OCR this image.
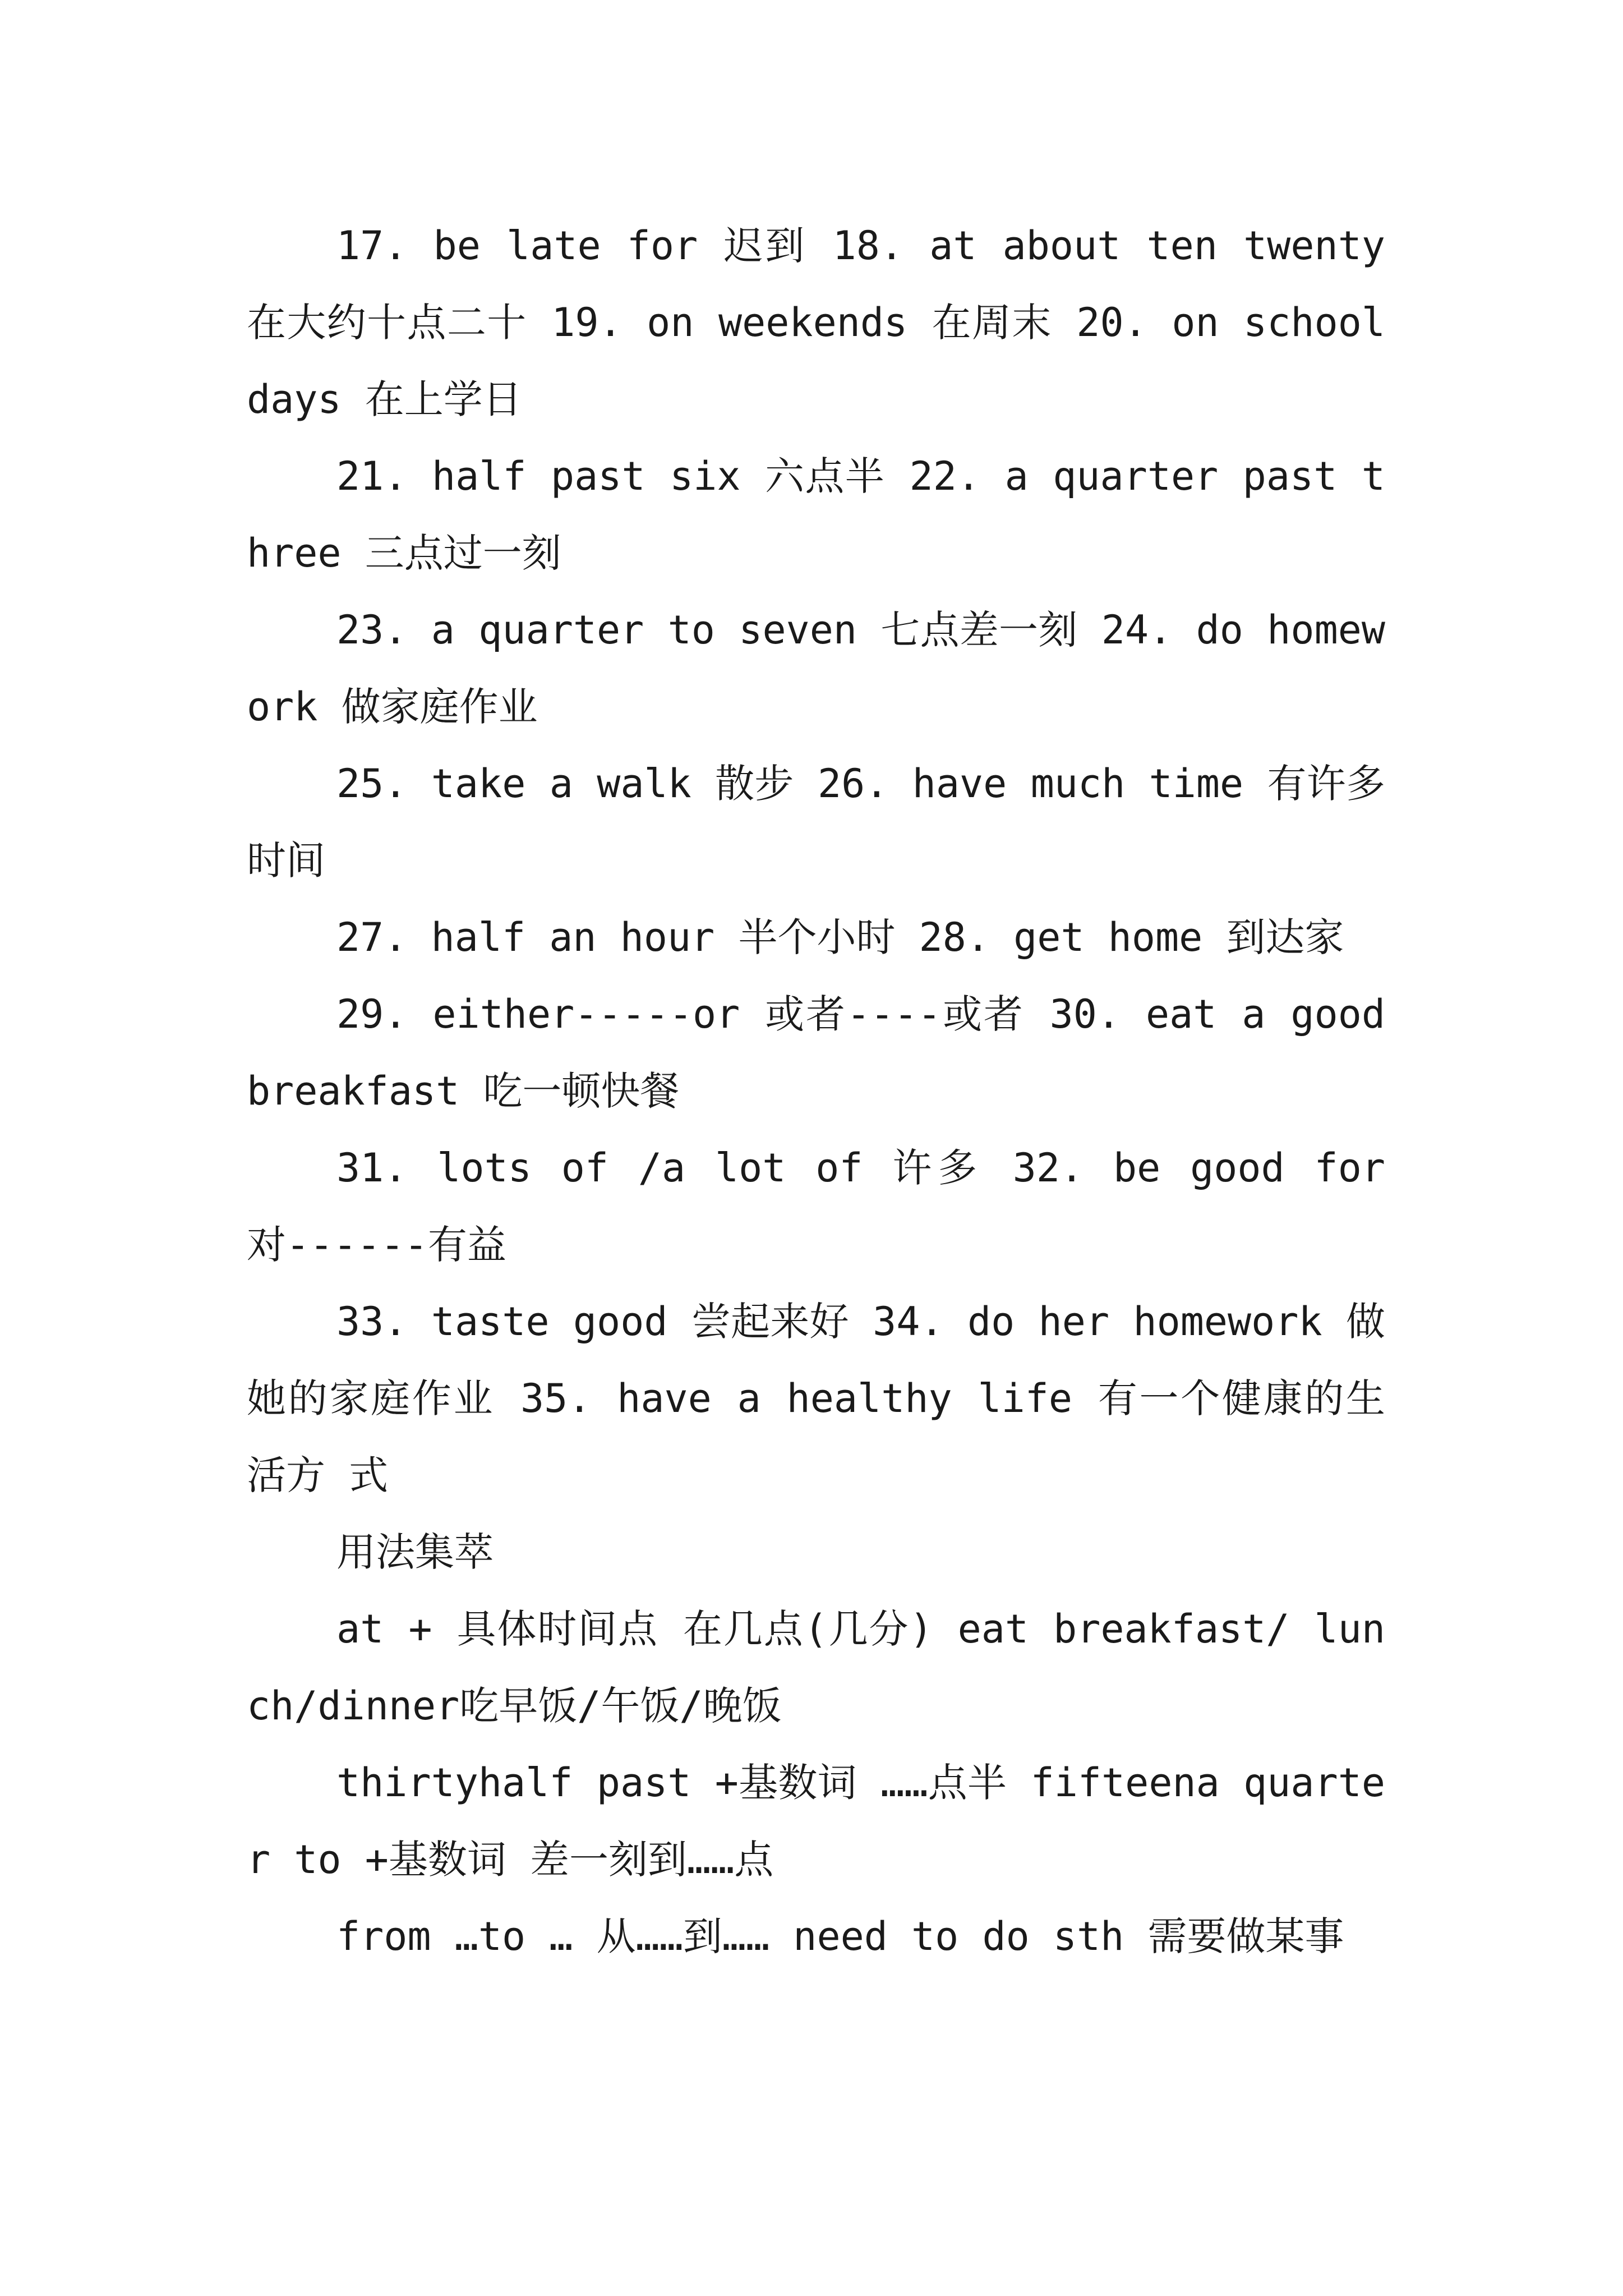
17. be late for 迟到 18. at about ten twenty 在大约十点二十 19. on weekends 在周末 20. on school days 在上学日

21. half past six 六点半 22. a quarter past three 三点过一刻

23. a quarter to seven 七点差一刻 24. do homework 做家庭作业

25. take a walk 散步 26. have much time 有许多时间

27. half an hour 半个小时 28. get home 到达家

29. either-----or 或者----或者 30. eat a good breakfast 吃一顿快餐

31. lots of /a lot of 许多 32. be good for 对------有益

33. taste good 尝起来好 34. do her homework 做她的家庭作业 35. have a healthy life 有一个健康的生活方 式

用法集萃

at + 具体时间点 在几点(几分) eat breakfast/ lunch/dinner吃早饭/午饭/晚饭

thirtyhalf past +基数词 ……点半 fifteena quarter to +基数词 差一刻到……点

from …to … 从……到…… need to do sth 需要做某事
